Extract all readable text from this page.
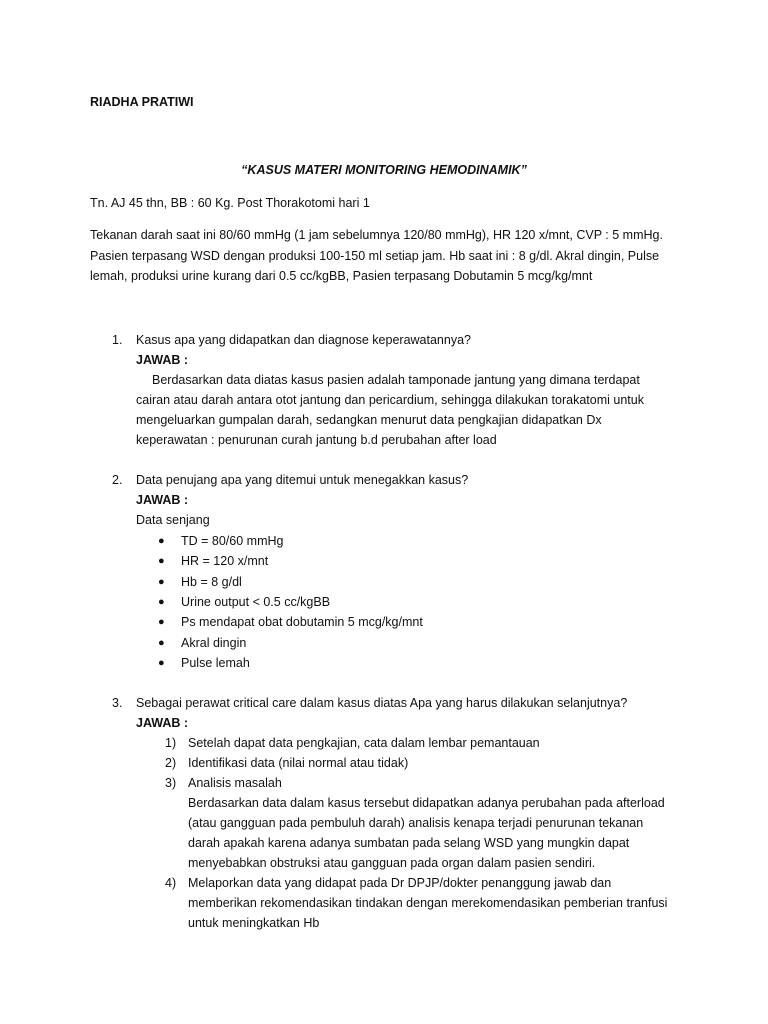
RIADHA PRATIWI
“KASUS MATERI MONITORING HEMODINAMIK”
Tn. AJ 45 thn, BB : 60 Kg. Post Thorakotomi hari 1
Tekanan darah saat ini 80/60 mmHg (1 jam sebelumnya 120/80 mmHg), HR 120 x/mnt, CVP : 5 mmHg.
Pasien terpasang WSD dengan produksi 100-150 ml setiap jam. Hb saat ini : 8 g/dl. Akral dingin, Pulse
lemah, produksi urine kurang dari 0.5 cc/kgBB, Pasien terpasang Dobutamin 5 mcg/kg/mnt
1. Kasus apa yang didapatkan dan diagnose keperawatannya?
JAWAB :
Berdasarkan data diatas kasus pasien adalah tamponade jantung yang dimana terdapat
cairan atau darah antara otot jantung dan pericardium, sehingga dilakukan torakatomi untuk
mengeluarkan gumpalan darah, sedangkan menurut data pengkajian didapatkan Dx
keperawatan : penurunan curah jantung b.d perubahan after load
2. Data penujang apa yang ditemui untuk menegakkan kasus?
JAWAB :
Data senjang
● TD = 80/60 mmHg
● HR = 120 x/mnt
● Hb = 8 g/dl
● Urine output < 0.5 cc/kgBB
● Ps mendapat obat dobutamin 5 mcg/kg/mnt
● Akral dingin
● Pulse lemah
3. Sebagai perawat critical care dalam kasus diatas Apa yang harus dilakukan selanjutnya?
JAWAB :
1) Setelah dapat data pengkajian, cata dalam lembar pemantauan
2) Identifikasi data (nilai normal atau tidak)
3) Analisis masalah
Berdasarkan data dalam kasus tersebut didapatkan adanya perubahan pada afterload
(atau gangguan pada pembuluh darah) analisis kenapa terjadi penurunan tekanan
darah apakah karena adanya sumbatan pada selang WSD yang mungkin dapat
menyebabkan obstruksi atau gangguan pada organ dalam pasien sendiri.
4) Melaporkan data yang didapat pada Dr DPJP/dokter penanggung jawab dan
memberikan rekomendasikan tindakan dengan merekomendasikan pemberian tranfusi
untuk meningkatkan Hb
